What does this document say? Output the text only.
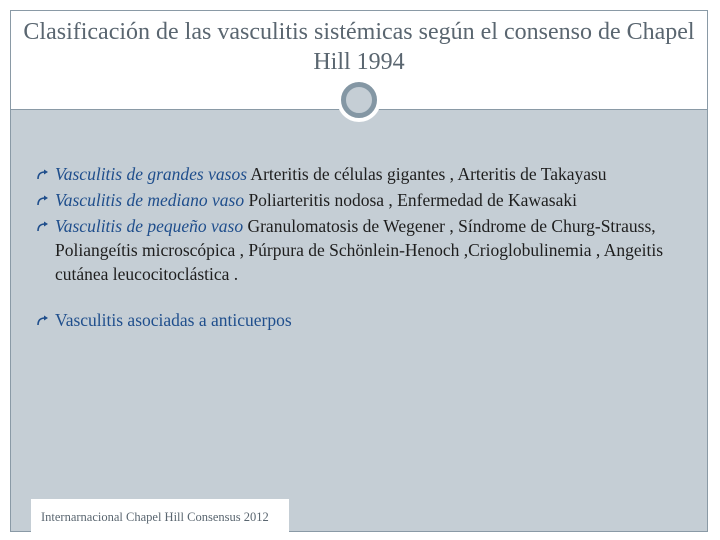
Clasificación de las vasculitis sistémicas según el consenso de Chapel Hill 1994
Vasculitis de grandes vasos Arteritis de células gigantes , Arteritis de Takayasu
Vasculitis de mediano vaso Poliarteritis nodosa , Enfermedad de Kawasaki
Vasculitis de pequeño vaso Granulomatosis de Wegener , Síndrome de Churg-Strauss, Poliangeítis microscópica , Púrpura de Schönlein-Henoch ,Crioglobulinemia , Angeitis cutánea leucocitoclástica .
Vasculitis asociadas a anticuerpos
Internarnacional Chapel Hill Consensus 2012
